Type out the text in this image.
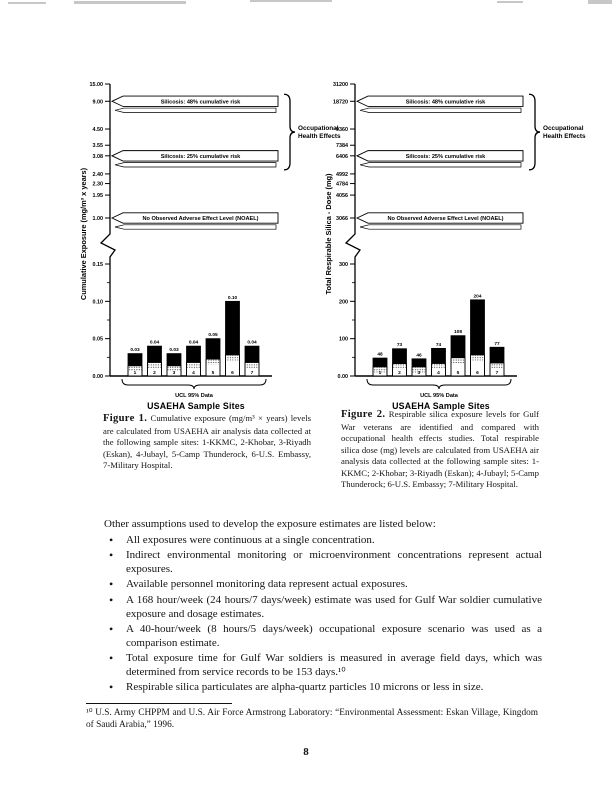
Cumulative Exposure (mg/m³ x years)
15.00
9.00
4.50
3.55
3.08
2.40
2.30
1.95
1.00
0.15
0.10
0.05
0.00
Silicosis: 48% cumulative risk
Silicosis: 25% cumulative risk
No Observed Adverse Effect Level (NOAEL)
Occupational
Health Effects
0.03
1
0.04
2
0.03
3
0.04
4
0.05
5
0.10
6
0.04
7
UCL 95% Data
USAEHA Sample Sites
Total Respirable Silica - Dose (mg)
31200
18720
9360
7384
6406
4992
4784
4056
3066
300
200
100
0.00
Silicosis: 48% cumulative risk
Silicosis: 25% cumulative risk
No Observed Adverse Effect Level (NOAEL)
Occupational
Health Effects
48
1
73
2
46
3
74
4
108
5
204
6
77
7
UCL 95% Data
USAEHA Sample Sites
Figure 1. Cumulative exposure (mg/m³ × years) levels are calculated from USAEHA air analysis data collected at the following sample sites: 1-KKMC, 2-Khobar, 3-Riyadh (Eskan), 4-Jubayl, 5-Camp Thunderock, 6-U.S. Embassy, 7-Military Hospital.
Figure 2. Respirable silica exposure levels for Gulf War veterans are identified and compared with occupational health effects studies. Total respirable silica dose (mg) levels are calculated from USAEHA air analysis data collected at the following sample sites: 1-KKMC; 2-Khobar; 3-Riyadh (Eskan); 4-Jubayl; 5-Camp Thunderock; 6-U.S. Embassy; 7-Military Hospital.

Other assumptions used to develop the exposure estimates are listed below:

• All exposures were continuous at a single concentration.
• Indirect environmental monitoring or microenvironment concentrations represent actual exposures.
• Available personnel monitoring data represent actual exposures.
• A 168 hour/week (24 hours/7 days/week) estimate was used for Gulf War soldier cumulative exposure and dosage estimates.
• A 40-hour/week (8 hours/5 days/week) occupational exposure scenario was used as a comparison estimate.
• Total exposure time for Gulf War soldiers is measured in average field days, which was determined from service records to be 153 days.¹⁰
• Respirable silica particulates are alpha-quartz particles 10 microns or less in size.
¹⁰ U.S. Army CHPPM and U.S. Air Force Armstrong Laboratory: “Environmental Assessment: Eskan Village, Kingdom of Saudi Arabia,” 1996.
8
